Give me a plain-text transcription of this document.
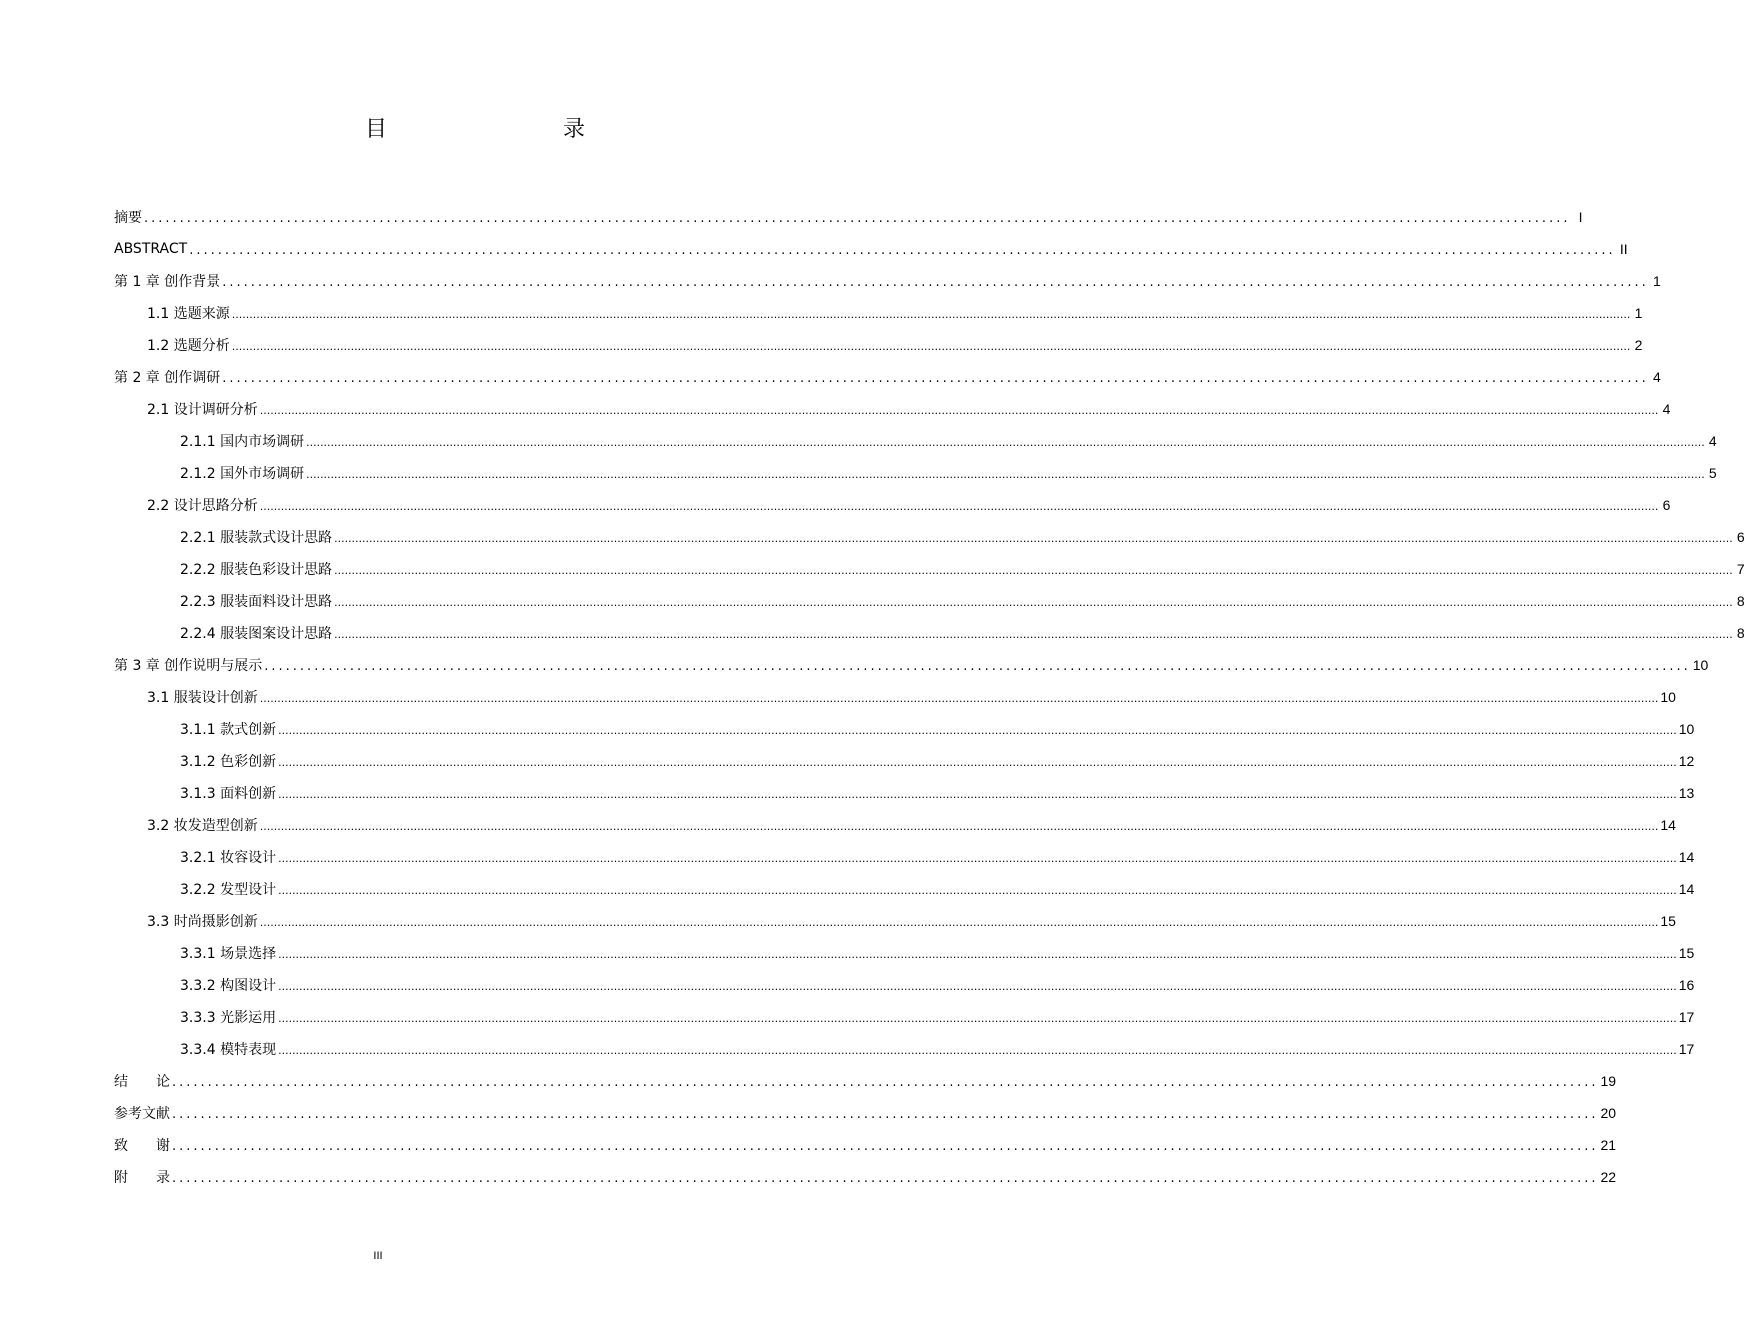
目　　录
摘要 ........................................................................................................................................................................................................ I
ABSTRACT ........................................................................................................................................................................................................ II
第 1 章 创作背景 ........................................................................................................................................................................................................ 1
1.1 选题来源 ................................................................................................................................................................................................................................................................................................................................................................................................................ 1
1.2 选题分析 ................................................................................................................................................................................................................................................................................................................................................................................................................ 2
第 2 章 创作调研 ........................................................................................................................................................................................................ 4
2.1 设计调研分析 ................................................................................................................................................................................................................................................................................................................................................................................................................ 4
2.1.1 国内市场调研 ................................................................................................................................................................................................................................................................................................................................................................................................................ 4
2.1.2 国外市场调研 ................................................................................................................................................................................................................................................................................................................................................................................................................ 5
2.2 设计思路分析 ................................................................................................................................................................................................................................................................................................................................................................................................................ 6
2.2.1 服装款式设计思路 ................................................................................................................................................................................................................................................................................................................................................................................................................ 6
2.2.2 服装色彩设计思路 ................................................................................................................................................................................................................................................................................................................................................................................................................ 7
2.2.3 服装面料设计思路 ................................................................................................................................................................................................................................................................................................................................................................................................................ 8
2.2.4 服装图案设计思路 ................................................................................................................................................................................................................................................................................................................................................................................................................ 8
第 3 章 创作说明与展示 ........................................................................................................................................................................................................ 10
3.1 服装设计创新 ................................................................................................................................................................................................................................................................................................................................................................................................................ 10
3.1.1 款式创新 ................................................................................................................................................................................................................................................................................................................................................................................................................ 10
3.1.2 色彩创新 ................................................................................................................................................................................................................................................................................................................................................................................................................ 12
3.1.3 面料创新 ................................................................................................................................................................................................................................................................................................................................................................................................................ 13
3.2 妆发造型创新 ................................................................................................................................................................................................................................................................................................................................................................................................................ 14
3.2.1 妆容设计 ................................................................................................................................................................................................................................................................................................................................................................................................................ 14
3.2.2 发型设计 ................................................................................................................................................................................................................................................................................................................................................................................................................ 14
3.3 时尚摄影创新 ................................................................................................................................................................................................................................................................................................................................................................................................................ 15
3.3.1 场景选择 ................................................................................................................................................................................................................................................................................................................................................................................................................ 15
3.3.2 构图设计 ................................................................................................................................................................................................................................................................................................................................................................................................................ 16
3.3.3 光影运用 ................................................................................................................................................................................................................................................................................................................................................................................................................ 17
3.3.4 模特表现 ................................................................................................................................................................................................................................................................................................................................................................................................................ 17
结　　论 ........................................................................................................................................................................................................ 19
参考文献 ........................................................................................................................................................................................................ 20
致　　谢 ........................................................................................................................................................................................................ 21
附　　录 ........................................................................................................................................................................................................ 22
III
